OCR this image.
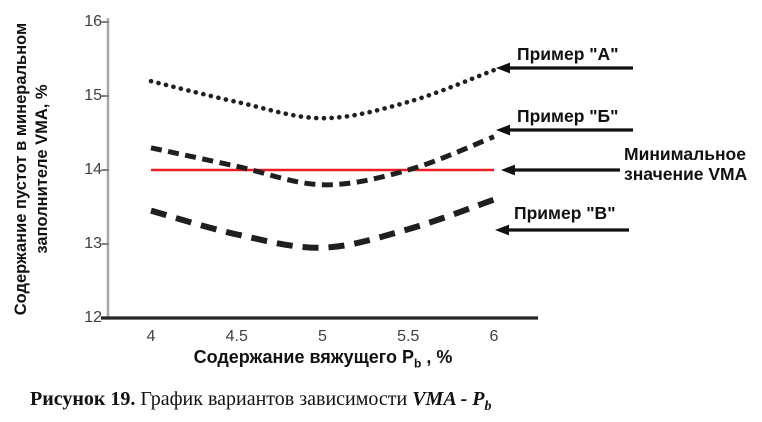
Содержание пустот в минеральном заполнителе VMA, %
12
13
14
15
16
4	4.5	5	5.5	6
Содержание вяжущего $P_b$ , %
Пример "А"
Пример "Б"
Минимальное
значение VMA
Пример "В"
Рисунок 19. График вариантов зависимости VMA - $P_b$
